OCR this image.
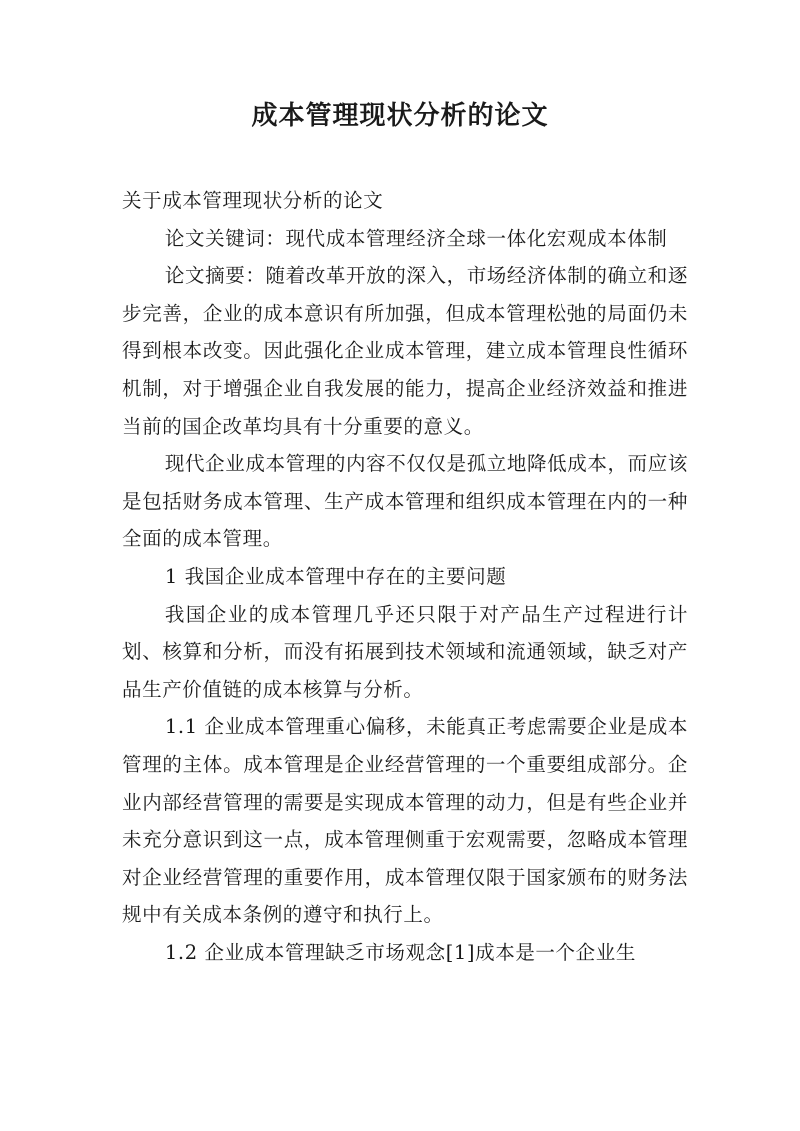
成本管理现状分析的论文

关于成本管理现状分析的论文

论文关键词：现代成本管理经济全球一体化宏观成本体制

论文摘要：随着改革开放的深入，市场经济体制的确立和逐步完善，企业的成本意识有所加强，但成本管理松弛的局面仍未得到根本改变。因此强化企业成本管理，建立成本管理良性循环机制，对于增强企业自我发展的能力，提高企业经济效益和推进当前的国企改革均具有十分重要的意义。

现代企业成本管理的内容不仅仅是孤立地降低成本，而应该是包括财务成本管理、生产成本管理和组织成本管理在内的一种全面的成本管理。

1 我国企业成本管理中存在的主要问题

我国企业的成本管理几乎还只限于对产品生产过程进行计划、核算和分析，而没有拓展到技术领域和流通领域，缺乏对产品生产价值链的成本核算与分析。

1.1 企业成本管理重心偏移，未能真正考虑需要企业是成本管理的主体。成本管理是企业经营管理的一个重要组成部分。企业内部经营管理的需要是实现成本管理的动力，但是有些企业并未充分意识到这一点，成本管理侧重于宏观需要，忽略成本管理对企业经营管理的重要作用，成本管理仅限于国家颁布的财务法规中有关成本条例的遵守和执行上。

1.2 企业成本管理缺乏市场观念[1]成本是一个企业生
